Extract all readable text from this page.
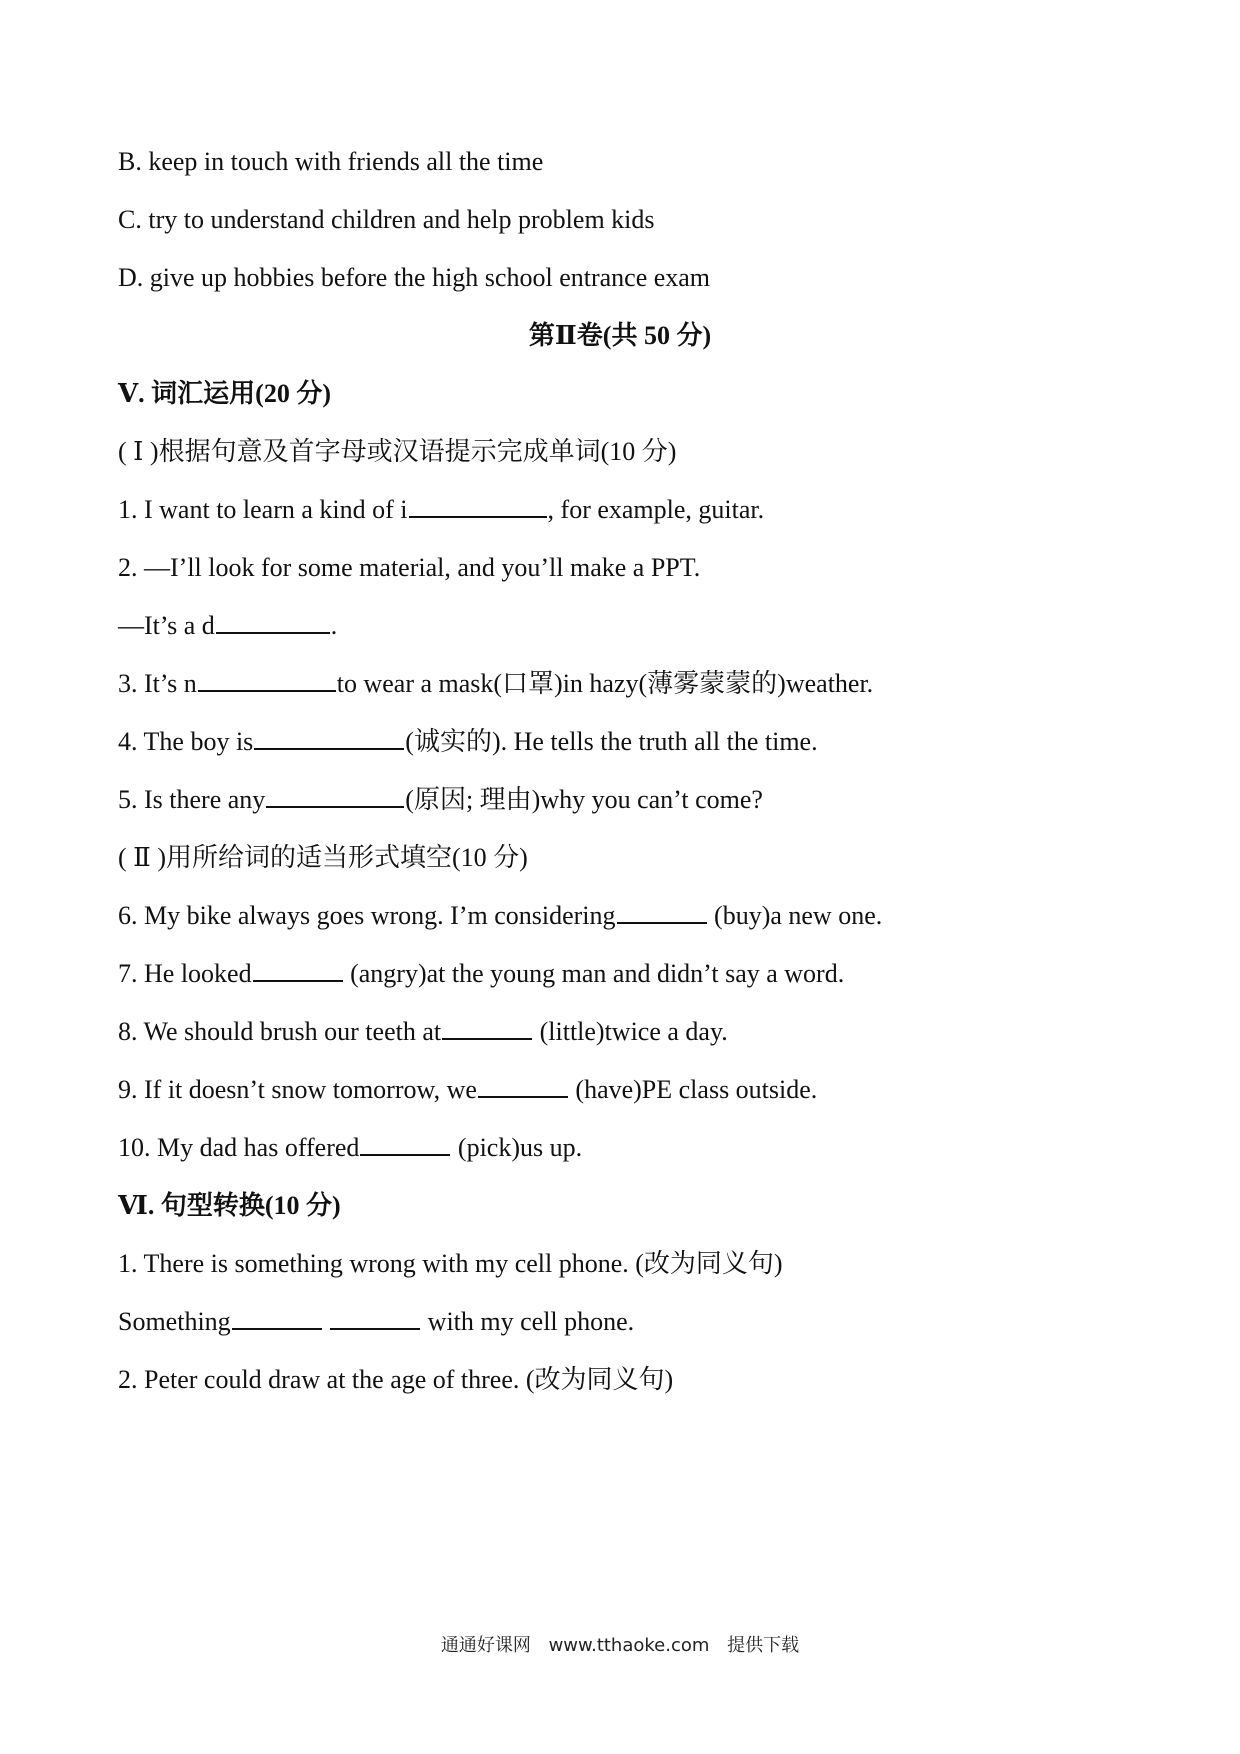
B. keep in touch with friends all the time
C. try to understand children and help problem kids
D. give up hobbies before the high school entrance exam
第Ⅱ卷(共 50 分)
Ⅴ. 词汇运用(20 分)
( Ⅰ )根据句意及首字母或汉语提示完成单词(10 分)
1. I want to learn a kind of i	, for example, guitar.
2. —I’ll look for some material, and you’ll make a PPT.
—It’s a d	.
3. It’s n	to wear a mask(口罩)in hazy(薄雾蒙蒙的)weather.
4. The boy is	(诚实的). He tells the truth all the time.
5. Is there any	(原因; 理由)why you can’t come?
( Ⅱ )用所给词的适当形式填空(10 分)
6. My bike always goes wrong. I’m considering	(buy)a new one.
7. He looked	(angry)at the young man and didn’t say a word.
8. We should brush our teeth at	(little)twice a day.
9. If it doesn’t snow tomorrow, we	(have)PE class outside.
10. My dad has offered	(pick)us up.
Ⅵ. 句型转换(10 分)
1. There is something wrong with my cell phone. (改为同义句)
Something	with my cell phone.
2. Peter could draw at the age of three. (改为同义句)
通通好课网 www.tthaoke.com 提供下载
